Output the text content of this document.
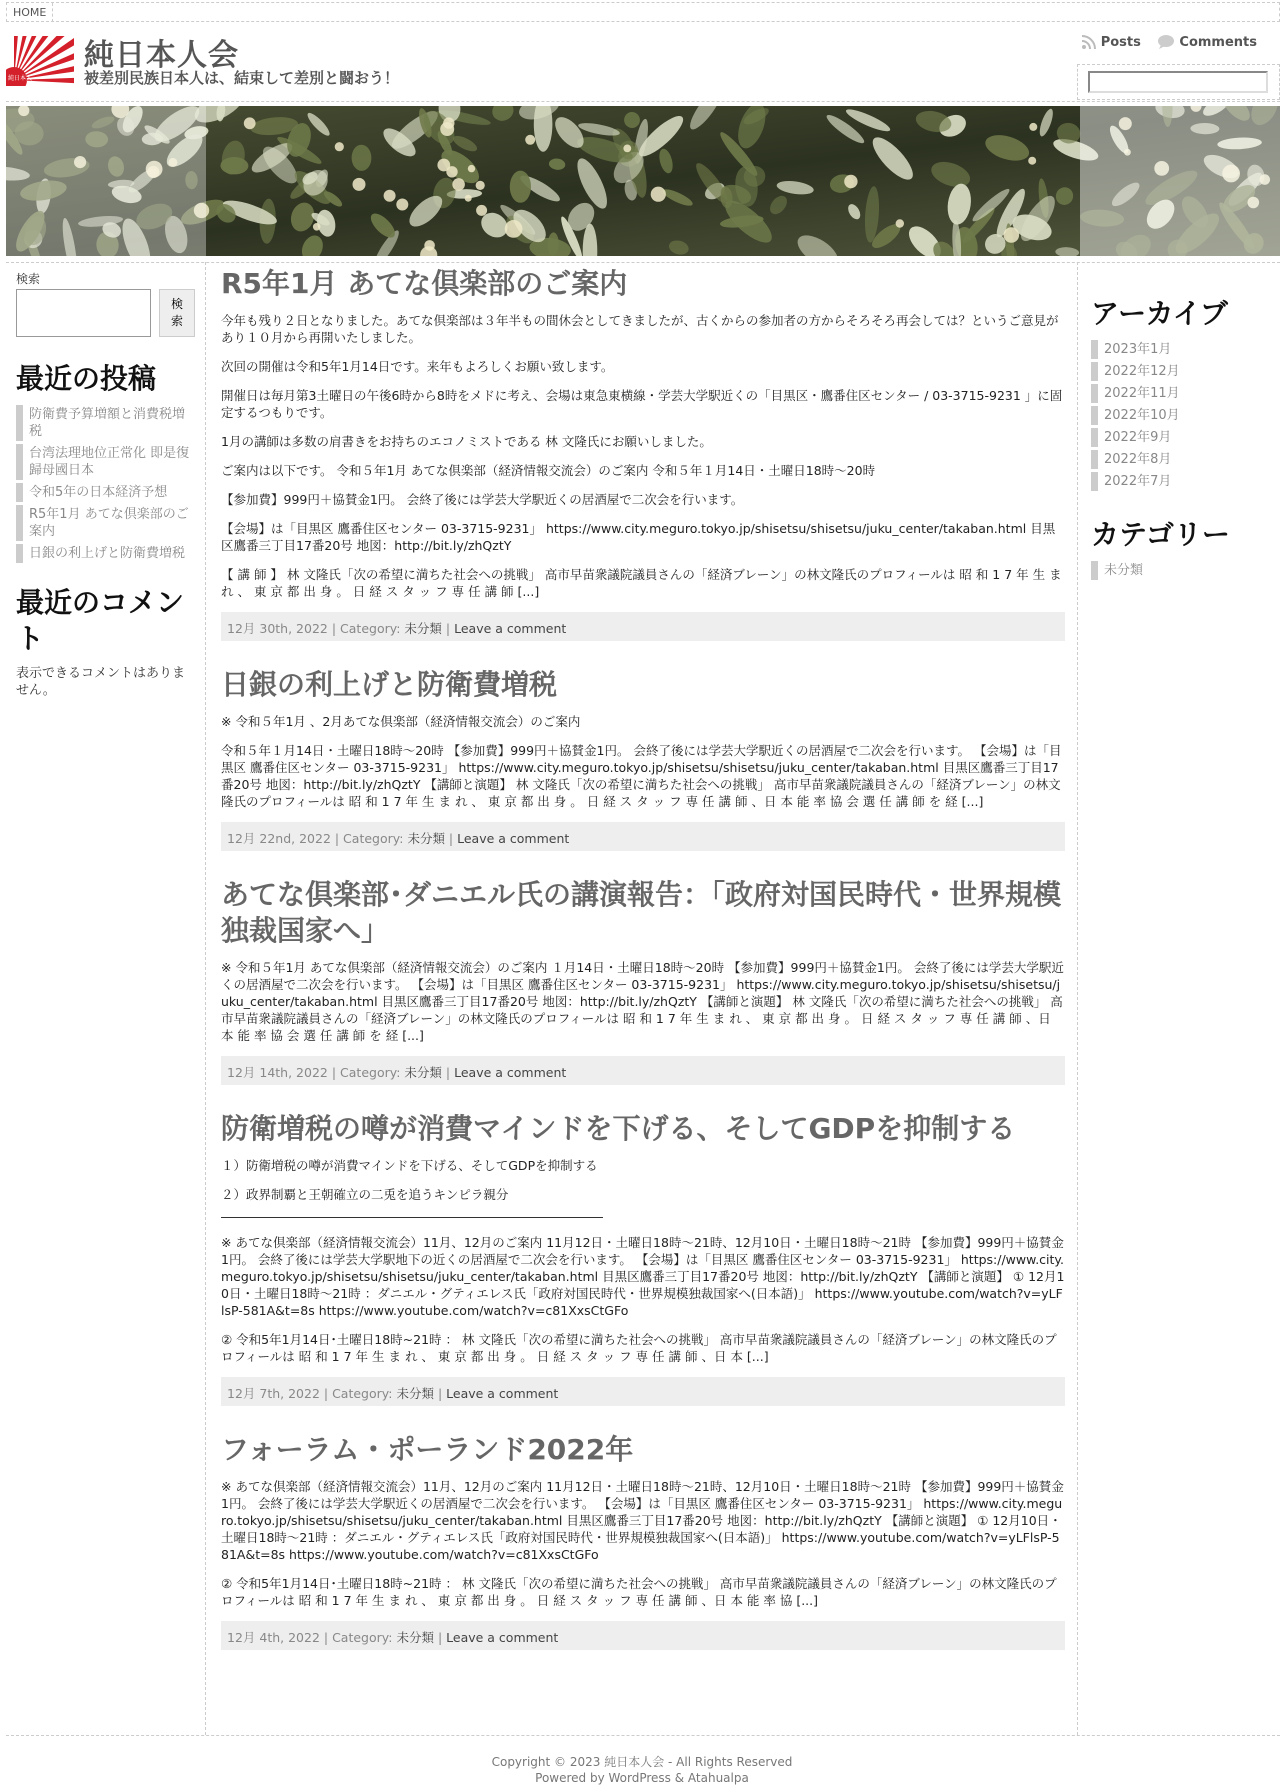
HOME
純日本人
純日本人会
被差別民族日本人は、結束して差別と闘おう！
Posts
	Comments
検索
検
索
最近の投稿
防衛費予算増額と消費税増税
台湾法理地位正常化 即是復歸母國日本
令和5年の日本経済予想
R5年1月 あてな倶楽部のご案内
日銀の利上げと防衛費増税
最近のコメント
表示できるコメントはありません。
R5年1月 あてな倶楽部のご案内

今年も残り２日となりました。あてな倶楽部は３年半もの間休会としてきましたが、古くからの参加者の方からそろそろ再会しては？というご意見があり１０月から再開いたしました。

次回の開催は令和5年1月14日です。来年もよろしくお願い致します。

開催日は毎月第3土曜日の午後6時から8時をメドに考え、会場は東急東横線・学芸大学駅近くの「目黒区・鷹番住区センター / 03-3715-9231 」に固定するつもりです。

1月の講師は多数の肩書きをお持ちのエコノミストである 林 文隆氏にお願いしました。

ご案内は以下です。 令和５年1月 あてな倶楽部（経済情報交流会）のご案内 令和５年１月14日・土曜日18時～20時

【参加費】999円＋協賛金1円。 会終了後には学芸大学駅近くの居酒屋で二次会を行います。

【会場】は「目黒区 鷹番住区センター 03-3715-9231」 https://www.city.meguro.tokyo.jp/shisetsu/shisetsu/juku_center/takaban.html 目黒区鷹番三丁目17番20号 地図：http://bit.ly/zhQztY

【 講 師 】 林 文隆氏「次の希望に満ちた社会への挑戦」 高市早苗衆議院議員さんの「経済ブレーン」の林文隆氏のプロフィールは 昭 和 1 7 年 生 ま れ 、 東 京 都 出 身 。 日 経 ス タ ッ フ 専 任 講 師 [...]

12月 30th, 2022 | Category: 未分類 | Leave a comment
日銀の利上げと防衛費増税

※ 令和５年1月 、2月あてな倶楽部（経済情報交流会）のご案内

令和５年１月14日・土曜日18時～20時 【参加費】999円＋協賛金1円。 会終了後には学芸大学駅近くの居酒屋で二次会を行います。 【会場】は「目黒区 鷹番住区センター 03-3715-9231」 https://www.city.meguro.tokyo.jp/shisetsu/shisetsu/juku_center/takaban.html 目黒区鷹番三丁目17番20号 地図：http://bit.ly/zhQztY 【講師と演題】 林 文隆氏「次の希望に満ちた社会への挑戦」 高市早苗衆議院議員さんの「経済ブレーン」の林文隆氏のプロフィールは 昭 和 1 7 年 生 ま れ 、 東 京 都 出 身 。 日 経 ス タ ッ フ 専 任 講 師 、日 本 能 率 協 会 選 任 講 師 を 経 [...]

12月 22nd, 2022 | Category: 未分類 | Leave a comment
あてな倶楽部･ダニエル氏の講演報告：「政府対国民時代・世界規模独裁国家へ」

※ 令和５年1月 あてな倶楽部（経済情報交流会）のご案内 １月14日・土曜日18時～20時 【参加費】999円＋協賛金1円。 会終了後には学芸大学駅近くの居酒屋で二次会を行います。 【会場】は「目黒区 鷹番住区センター 03-3715-9231」 https://www.city.meguro.tokyo.jp/shisetsu/shisetsu/juku_center/takaban.html 目黒区鷹番三丁目17番20号 地図：http://bit.ly/zhQztY 【講師と演題】 林 文隆氏「次の希望に満ちた社会への挑戦」 高市早苗衆議院議員さんの「経済ブレーン」の林文隆氏のプロフィールは 昭 和 1 7 年 生 ま れ 、 東 京 都 出 身 。 日 経 ス タ ッ フ 専 任 講 師 、日 本 能 率 協 会 選 任 講 師 を 経 [...]

12月 14th, 2022 | Category: 未分類 | Leave a comment
防衛増税の噂が消費マインドを下げる、そしてGDPを抑制する

１）防衛増税の噂が消費マインドを下げる、そしてGDPを抑制する

２）政界制覇と王朝確立の二兎を追うキンピラ親分

※ あてな倶楽部（経済情報交流会）11月、12月のご案内 11月12日・土曜日18時～21時、12月10日・土曜日18時～21時 【参加費】999円＋協賛金1円。 会終了後には学芸大学駅地下の近くの居酒屋で二次会を行います。 【会場】は「目黒区 鷹番住区センター 03-3715-9231」 https://www.city.meguro.tokyo.jp/shisetsu/shisetsu/juku_center/takaban.html 目黒区鷹番三丁目17番20号 地図：http://bit.ly/zhQztY 【講師と演題】 ① 12月10日・土曜日18時～21時 ：ダニエル・グティエレス氏「政府対国民時代・世界規模独裁国家へ(日本語)」 https://www.youtube.com/watch?v=yLFlsP-581A&t=8s https://www.youtube.com/watch?v=c81XxsCtGFo

② 令和5年1月14日･土曜日18時~21時 ： 林 文隆氏「次の希望に満ちた社会への挑戦」 高市早苗衆議院議員さんの「経済ブレーン」の林文隆氏のプロフィールは 昭 和 1 7 年 生 ま れ 、 東 京 都 出 身 。 日 経 ス タ ッ フ 専 任 講 師 、日 本 [...]

12月 7th, 2022 | Category: 未分類 | Leave a comment
フォーラム・ポーランド2022年

※ あてな倶楽部（経済情報交流会）11月、12月のご案内 11月12日・土曜日18時～21時、12月10日・土曜日18時～21時 【参加費】999円＋協賛金1円。 会終了後には学芸大学駅近くの居酒屋で二次会を行います。 【会場】は「目黒区 鷹番住区センター 03-3715-9231」 https://www.city.meguro.tokyo.jp/shisetsu/shisetsu/juku_center/takaban.html 目黒区鷹番三丁目17番20号 地図：http://bit.ly/zhQztY 【講師と演題】 ① 12月10日・土曜日18時～21時 ：ダニエル・グティエレス氏「政府対国民時代・世界規模独裁国家へ(日本語)」 https://www.youtube.com/watch?v=yLFlsP-581A&t=8s https://www.youtube.com/watch?v=c81XxsCtGFo

② 令和5年1月14日･土曜日18時~21時 ： 林 文隆氏「次の希望に満ちた社会への挑戦」 高市早苗衆議院議員さんの「経済ブレーン」の林文隆氏のプロフィールは 昭 和 1 7 年 生 ま れ 、 東 京 都 出 身 。 日 経 ス タ ッ フ 専 任 講 師 、日 本 能 率 協 [...]

12月 4th, 2022 | Category: 未分類 | Leave a comment
アーカイブ
2023年1月
2022年12月
2022年11月
2022年10月
2022年9月
2022年8月
2022年7月
カテゴリー
未分類
Copyright © 2023 純日本人会 - All Rights Reserved
Powered by WordPress & Atahualpa
